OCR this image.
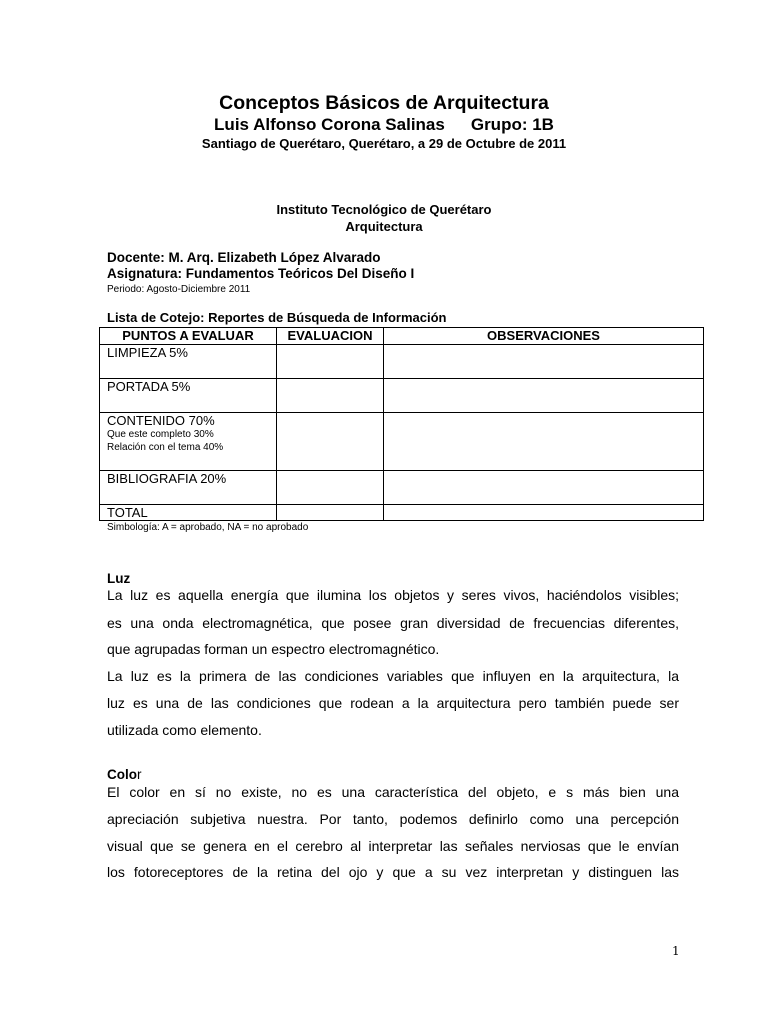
Conceptos Básicos de Arquitectura
Luis Alfonso Corona Salinas Grupo: 1B
Santiago de Querétaro, Querétaro, a 29 de Octubre de 2011
Instituto Tecnológico de Querétaro
Arquitectura
Docente: M. Arq. Elizabeth López Alvarado
Asignatura: Fundamentos Teóricos Del Diseño I
Periodo: Agosto-Diciembre 2011
Lista de Cotejo: Reportes de Búsqueda de Información
PUNTOS A EVALUAR	EVALUACION	OBSERVACIONES
LIMPIEZA 5%		
PORTADA 5%		
CONTENIDO 70%
Que este completo 30%
Relación con el tema 40%		

BIBLIOGRAFIA 20%		
TOTAL		
Simbología: A = aprobado, NA = no aprobado
Luz
La luz es aquella energía que ilumina los objetos y seres vivos, haciéndolos visibles;
es una onda electromagnética, que posee gran diversidad de frecuencias diferentes,
que agrupadas forman un espectro electromagnético.
La luz es la primera de las condiciones variables que influyen en la arquitectura, la
luz es una de las condiciones que rodean a la arquitectura pero también puede ser
utilizada como elemento.
Color
El color en sí no existe, no es una característica del objeto, e s más bien una
apreciación subjetiva nuestra. Por tanto, podemos definirlo como una percepción
visual que se genera en el cerebro al interpretar las señales nerviosas que le envían
los fotoreceptores de la retina del ojo y que a su vez interpretan y distinguen las
1
